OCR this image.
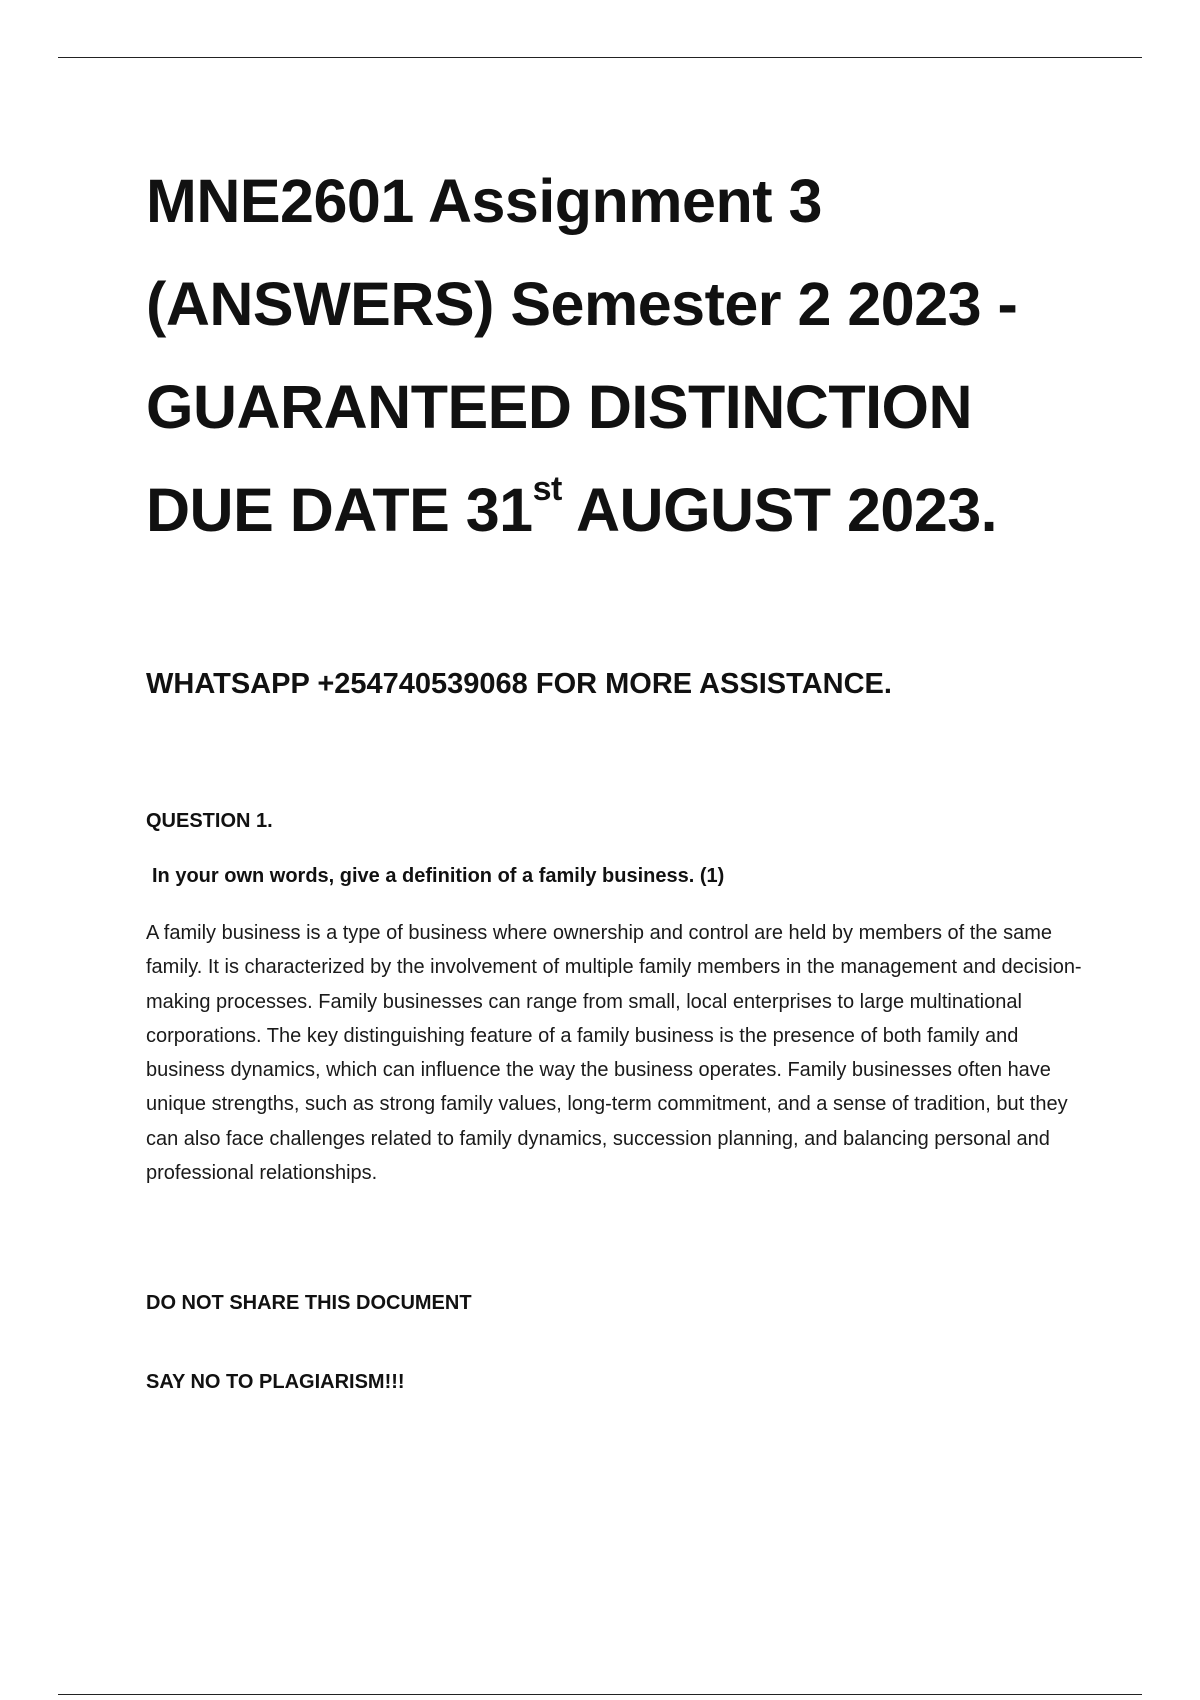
MNE2601 Assignment 3
(ANSWERS) Semester 2 2023 -
GUARANTEED DISTINCTION
DUE DATE 31st AUGUST 2023.

WHATSAPP +254740539068 FOR MORE ASSISTANCE.

QUESTION 1.

In your own words, give a definition of a family business. (1)

A family business is a type of business where ownership and control are held by members of the same family. It is characterized by the involvement of multiple family members in the management and decision-making processes. Family businesses can range from small, local enterprises to large multinational corporations. The key distinguishing feature of a family business is the presence of both family and business dynamics, which can influence the way the business operates. Family businesses often have unique strengths, such as strong family values, long-term commitment, and a sense of tradition, but they can also face challenges related to family dynamics, succession planning, and balancing personal and professional relationships.

DO NOT SHARE THIS DOCUMENT

SAY NO TO PLAGIARISM!!!
